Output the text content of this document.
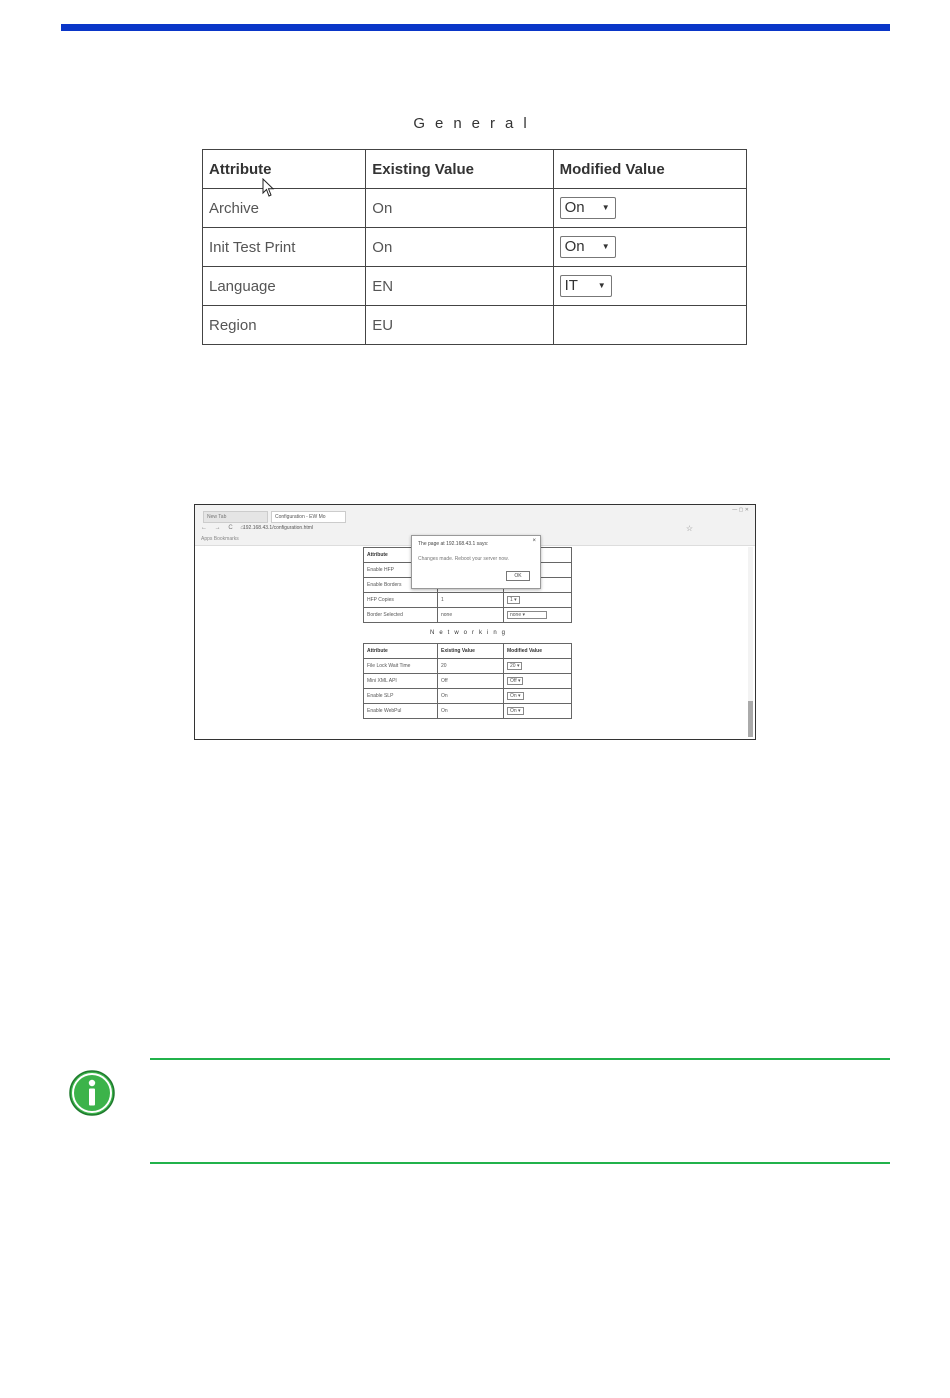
General
Attribute	Existing Value	Modified Value
Archive	On	On ▼

Init Test Print	On	On ▼

Language	EN	IT ▼

Region	EU	
New Tab	Configuration - EW Mo
← → C ⌂
192.168.43.1/configuration.html	☆
Apps Bookmarks
— ▢ ✕
Attribute		
Enable HFP		
Enable Borders		
HFP Copies	1	1 ▾
Border Selected	none	none ▾
Networking
Attribute	Existing Value	Modified Value
File Lock Wait Time	20	20 ▾
Mini XML API	Off	Off ▾
Enable SLP	On	On ▾
Enable WebPul	On	On ▾
The page at 192.168.43.1 says:	×
Changes made. Reboot your server now.
OK
